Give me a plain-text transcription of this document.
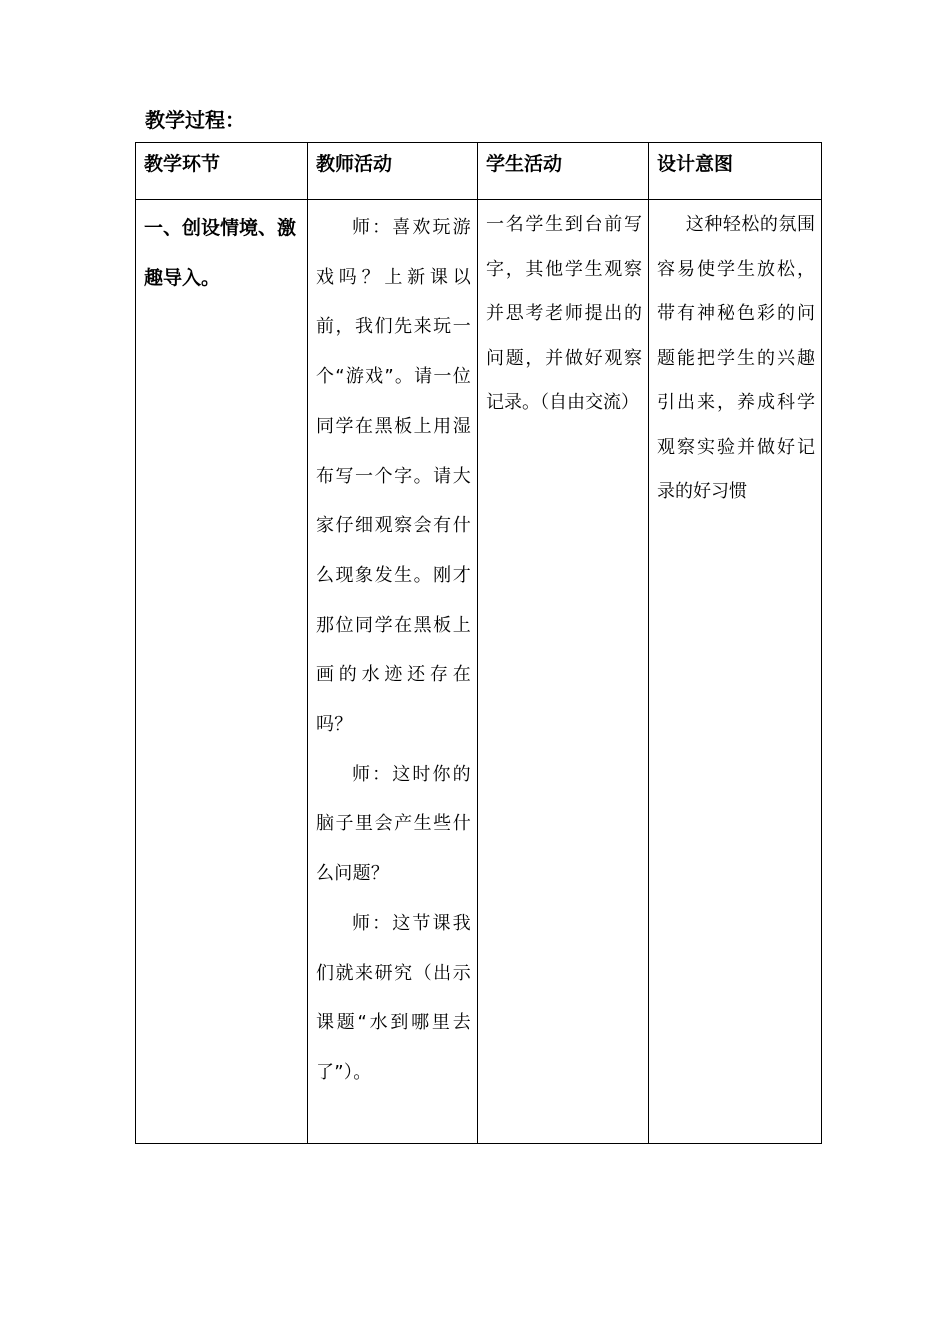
教学过程：
教学环节	教师活动	学生活动	设计意图
一、创设情境、激趣导入。	师：喜欢玩游戏吗？上新课以前，我们先来玩一个“游戏”。请一位同学在黑板上用湿布写一个字。请大家仔细观察会有什么现象发生。刚才那位同学在黑板上画的水迹还存在吗？

师：这时你的脑子里会产生些什么问题？

师：这节课我们就来研究（出示课题“水到哪里去了”）。	一名学生到台前写字，其他学生观察并思考老师提出的问题，并做好观察记录。（自由交流）	这种轻松的氛围容易使学生放松，带有神秘色彩的问题能把学生的兴趣引出来，养成科学观察实验并做好记录的好习惯
